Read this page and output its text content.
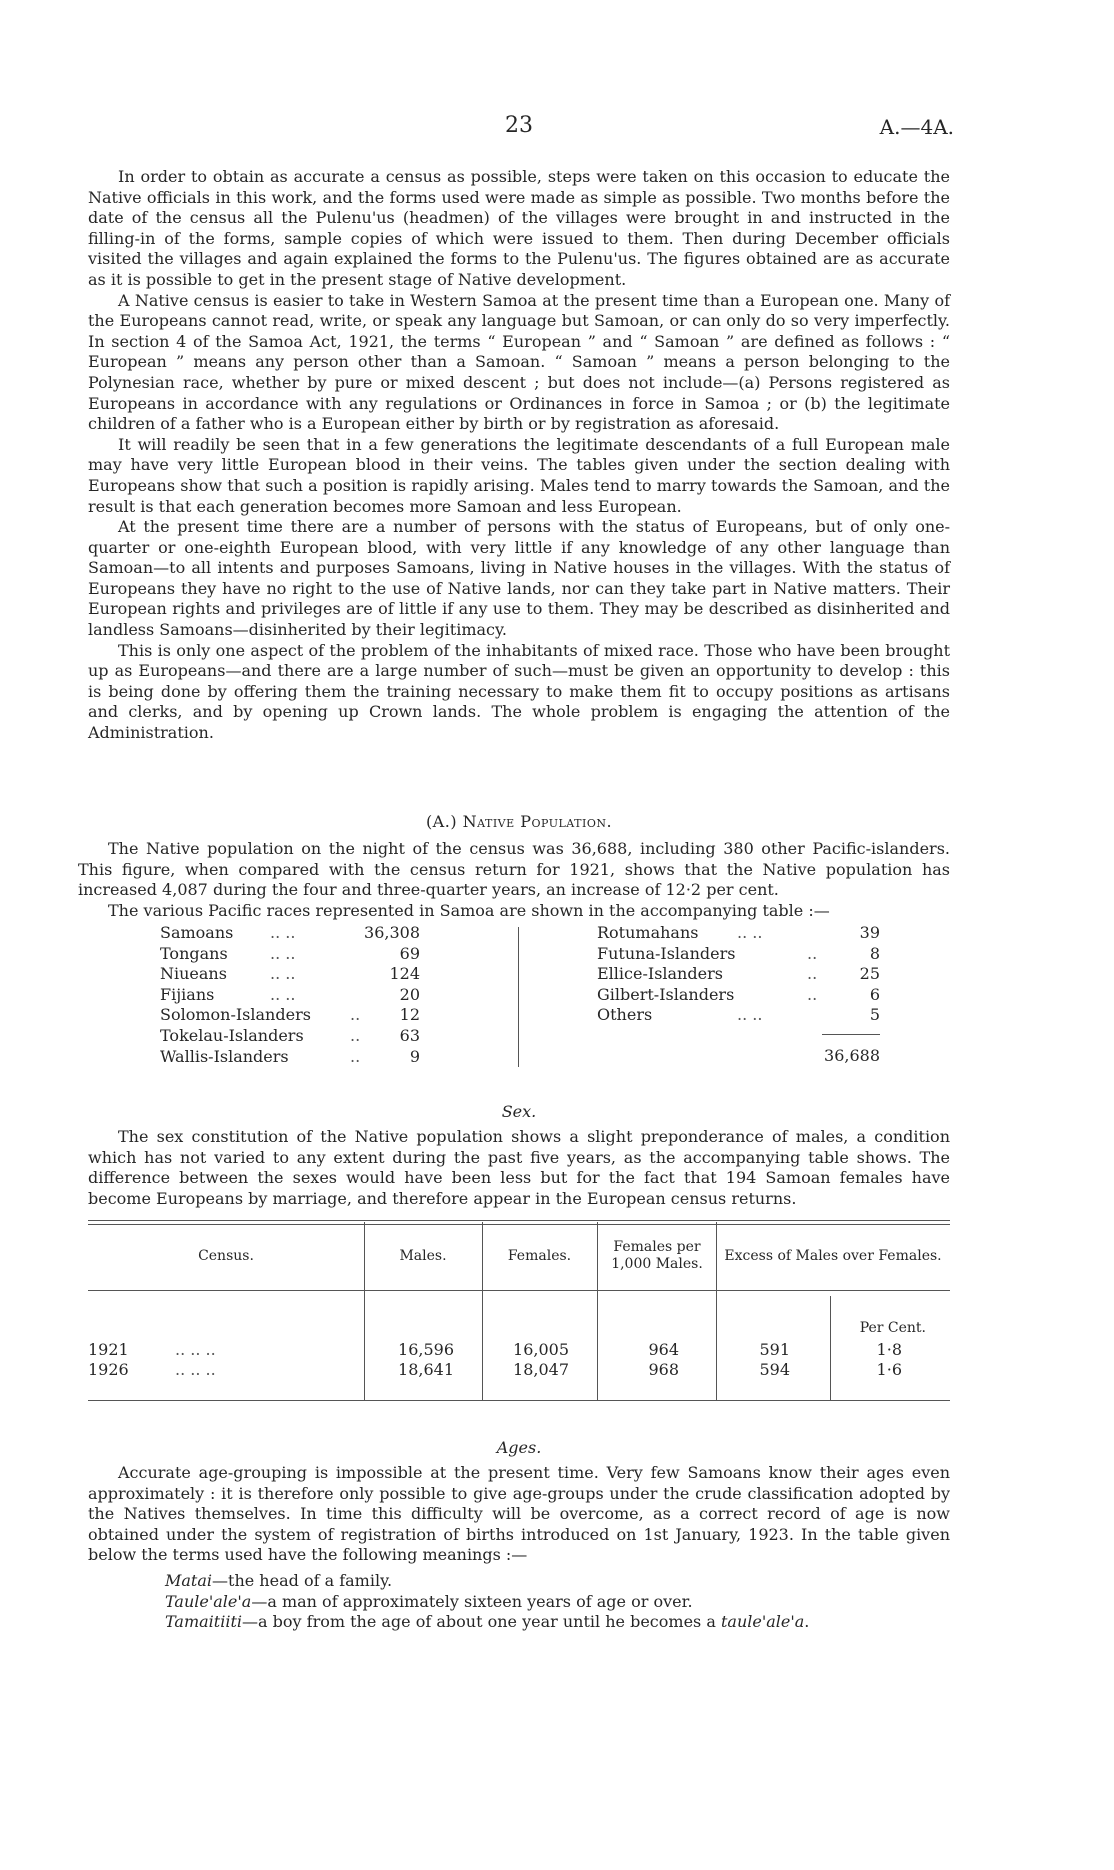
23	A.—4A.

In order to obtain as accurate a census as possible, steps were taken on this occasion to educate the Native officials in this work, and the forms used were made as simple as possible. Two months before the date of the census all the Pulenu'us (headmen) of the villages were brought in and instructed in the filling-in of the forms, sample copies of which were issued to them. Then during December officials visited the villages and again explained the forms to the Pulenu'us. The figures obtained are as accurate as it is possible to get in the present stage of Native development.

A Native census is easier to take in Western Samoa at the present time than a European one. Many of the Europeans cannot read, write, or speak any language but Samoan, or can only do so very imperfectly. In section 4 of the Samoa Act, 1921, the terms “ European ” and “ Samoan ” are defined as follows : “ European ” means any person other than a Samoan. “ Samoan ” means a person belonging to the Polynesian race, whether by pure or mixed descent ; but does not include—(a) Persons registered as Europeans in accordance with any regulations or Ordinances in force in Samoa ; or (b) the legitimate children of a father who is a European either by birth or by registration as aforesaid.

It will readily be seen that in a few generations the legitimate descendants of a full European male may have very little European blood in their veins. The tables given under the section dealing with Europeans show that such a position is rapidly arising. Males tend to marry towards the Samoan, and the result is that each generation becomes more Samoan and less European.

At the present time there are a number of persons with the status of Europeans, but of only one-quarter or one-eighth European blood, with very little if any knowledge of any other language than Samoan—to all intents and purposes Samoans, living in Native houses in the villages. With the status of Europeans they have no right to the use of Native lands, nor can they take part in Native matters. Their European rights and privileges are of little if any use to them. They may be described as disinherited and landless Samoans—disinherited by their legitimacy.

This is only one aspect of the problem of the inhabitants of mixed race. Those who have been brought up as Europeans—and there are a large number of such—must be given an opportunity to develop : this is being done by offering them the training necessary to make them fit to occupy positions as artisans and clerks, and by opening up Crown lands. The whole problem is engaging the attention of the Administration.

(A.) Native Population.

The Native population on the night of the census was 36,688, including 380 other Pacific-islanders. This figure, when compared with the census return for 1921, shows that the Native population has increased 4,087 during the four and three-quarter years, an increase of 12·2 per cent.

The various Pacific races represented in Samoa are shown in the accompanying table :—

Samoans .. ..	36,308
Tongans	.. ..	69
Niueans	.. ..	124
Fijians	.. ..	20
Solomon-Islanders .. 12
Tokelau-Islanders	.. 63
Wallis-Islanders	..	9
Rotumahans .. ..	39
Futuna-Islanders	..	8
Ellice-Islanders	..	25
Gilbert-Islanders	..	6
Others	.. ..	5
36,688
Sex.

The sex constitution of the Native population shows a slight preponderance of males, a condition which has not varied to any extent during the past five years, as the accompanying table shows. The difference between the sexes would have been less but for the fact that 194 Samoan females have become Europeans by marriage, and therefore appear in the European census returns.

Census.	Males.	Females.
Females per 1,000 Males.	Excess of Males over Females.
Per Cent.
1921	.. .. ..	16,596	16,005	964	591	1·8
1926	.. .. ..	18,641	18,047	968	594	1·6
Ages.

Accurate age-grouping is impossible at the present time. Very few Samoans know their ages even approximately : it is therefore only possible to give age-groups under the crude classification adopted by the Natives themselves. In time this difficulty will be overcome, as a correct record of age is now obtained under the system of registration of births introduced on 1st January, 1923. In the table given below the terms used have the following meanings :—

Matai—the head of a family.
Taule'ale'a—a man of approximately sixteen years of age or over.
Tamaitiiti—a boy from the age of about one year until he becomes a taule'ale'a.
